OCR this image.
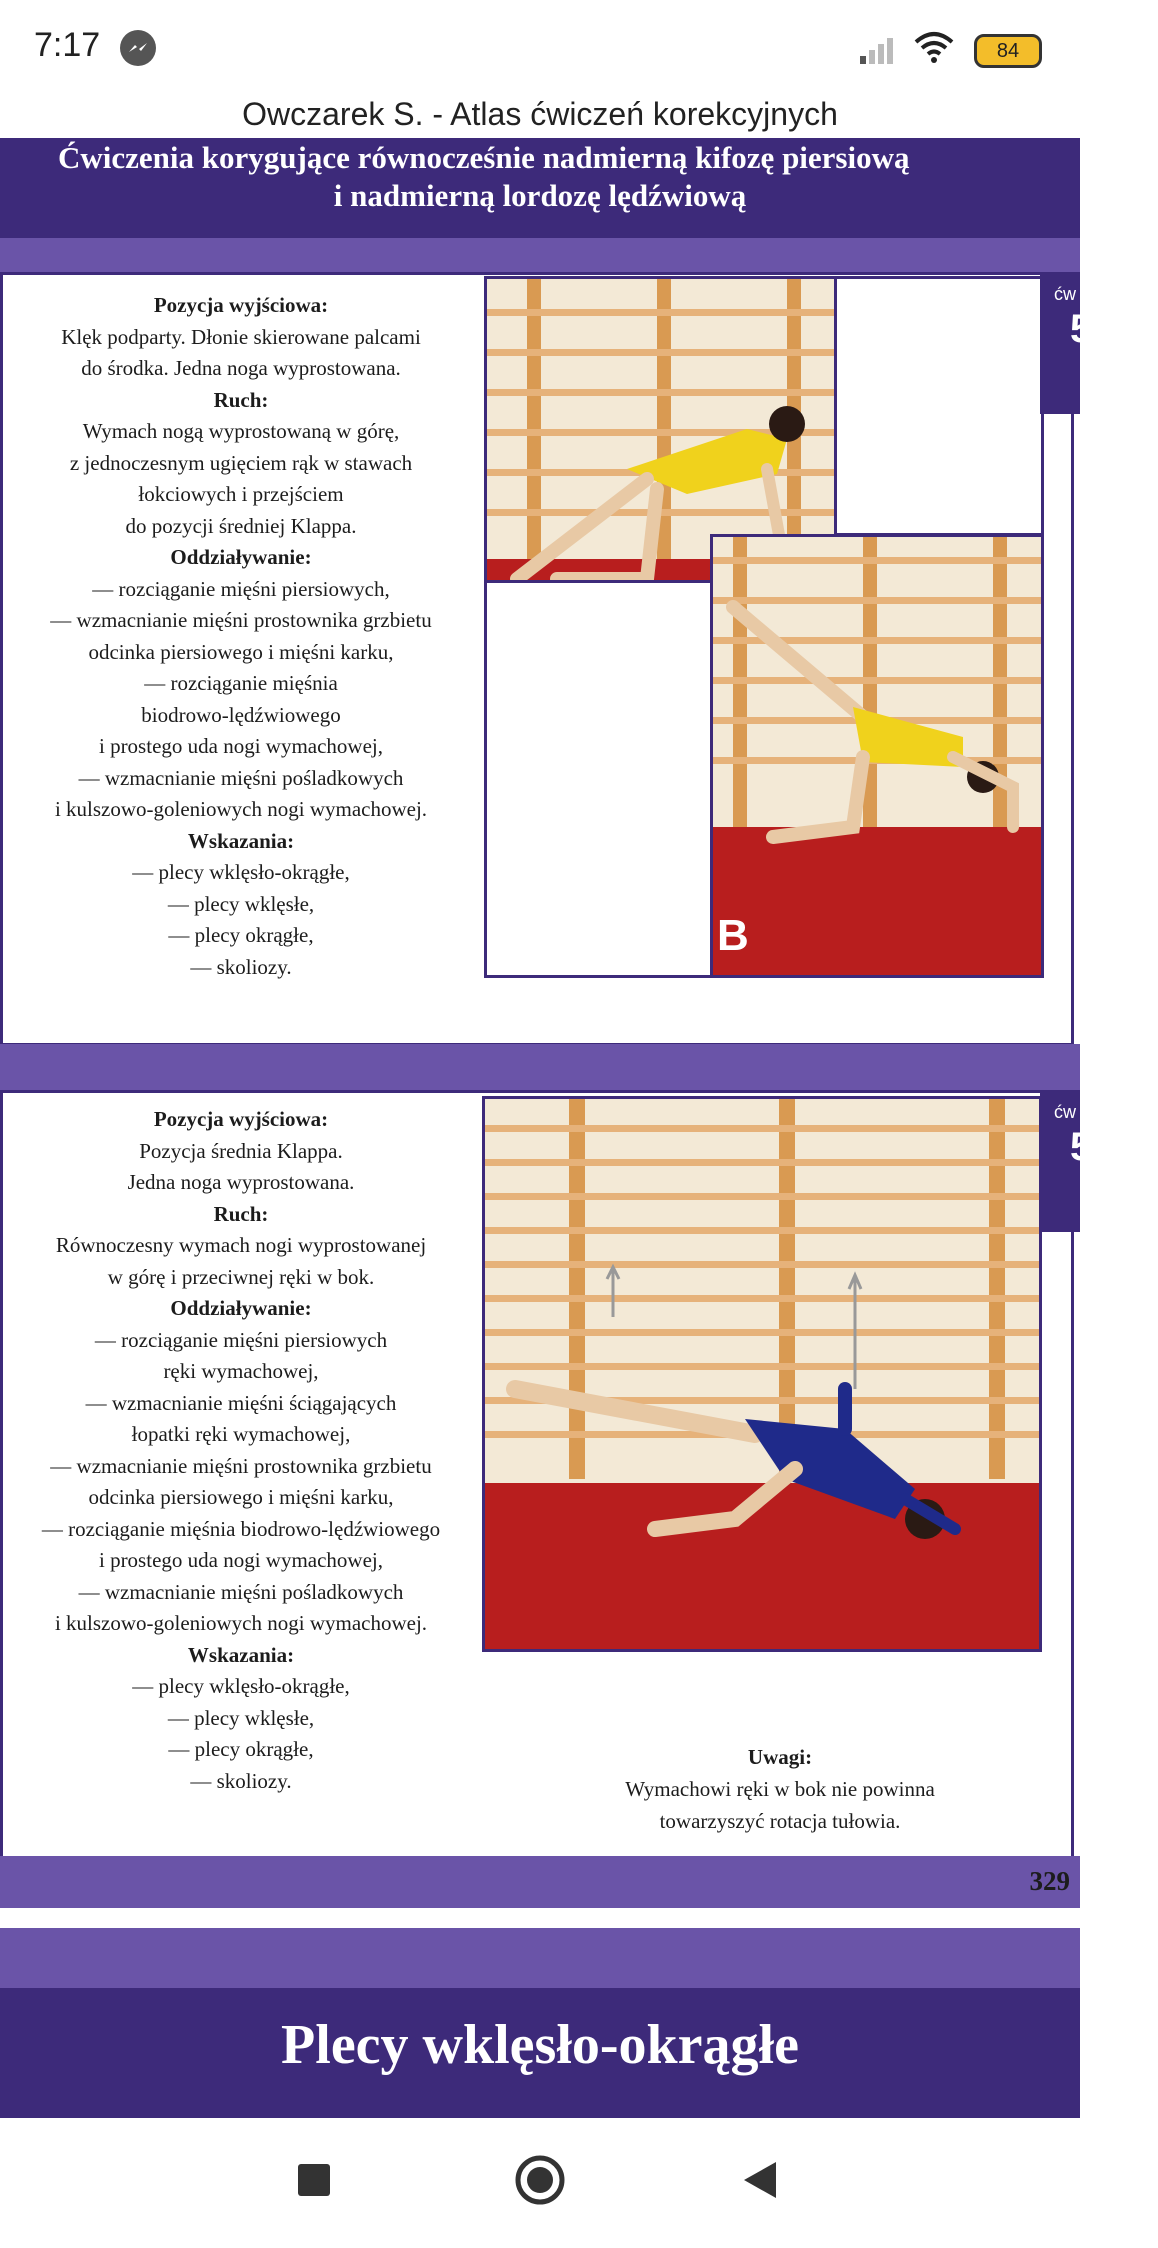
7:17	84
Owczarek S. - Atlas ćwiczeń korekcyjnych
Ćwiczenia korygujące równocześnie nadmierną kifozę piersiową
i nadmierną lordozę lędźwiową
Pozycja wyjściowa:
Klęk podparty. Dłonie skierowane palcami
do środka. Jedna noga wyprostowana.
Ruch:
Wymach nogą wyprostowaną w górę,
z jednoczesnym ugięciem rąk w stawach
łokciowych i przejściem
do pozycji średniej Klappa.
Oddziaływanie:
— rozciąganie mięśni piersiowych,
— wzmacnianie mięśni prostownika grzbietu
odcinka piersiowego i mięśni karku,
— rozciąganie mięśnia
biodrowo-lędźwiowego
i prostego uda nogi wymachowej,
— wzmacnianie mięśni pośladkowych
i kulszowo-goleniowych nogi wymachowej.
Wskazania:
— plecy wklęsło-okrągłe,
— plecy wklęsłe,
— plecy okrągłe,
— skoliozy.
B
ćw
5
Pozycja wyjściowa:
Pozycja średnia Klappa.
Jedna noga wyprostowana.
Ruch:
Równoczesny wymach nogi wyprostowanej
w górę i przeciwnej ręki w bok.
Oddziaływanie:
— rozciąganie mięśni piersiowych
ręki wymachowej,
— wzmacnianie mięśni ściągających
łopatki ręki wymachowej,
— wzmacnianie mięśni prostownika grzbietu
odcinka piersiowego i mięśni karku,
— rozciąganie mięśnia biodrowo-lędźwiowego
i prostego uda nogi wymachowej,
— wzmacnianie mięśni pośladkowych
i kulszowo-goleniowych nogi wymachowej.
Wskazania:
— plecy wklęsło-okrągłe,
— plecy wklęsłe,
— plecy okrągłe,
— skoliozy.
Uwagi:
Wymachowi ręki w bok nie powinna
towarzyszyć rotacja tułowia.
ćw
5
329
Plecy wklęsło-okrągłe
